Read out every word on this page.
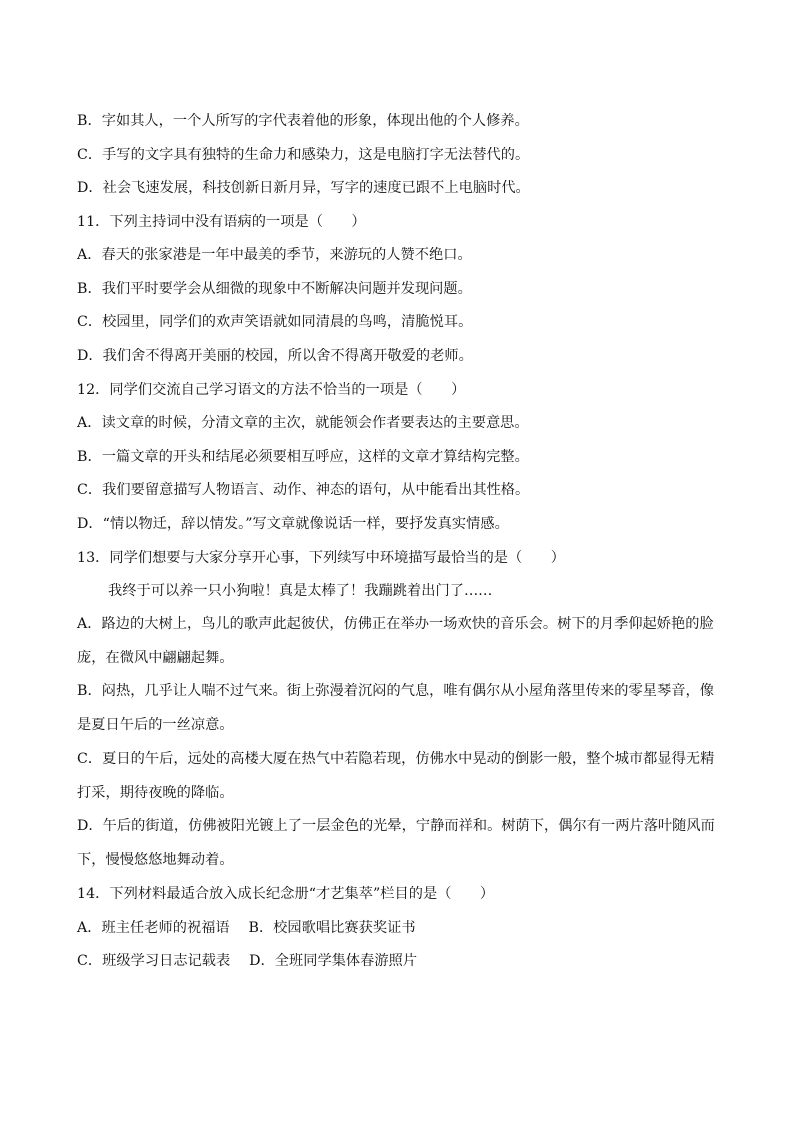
B．字如其人，一个人所写的字代表着他的形象，体现出他的个人修养。
C．手写的文字具有独特的生命力和感染力，这是电脑打字无法替代的。
D．社会飞速发展，科技创新日新月异，写字的速度已跟不上电脑时代。
11．下列主持词中没有语病的一项是（　　）
A．春天的张家港是一年中最美的季节，来游玩的人赞不绝口。
B．我们平时要学会从细微的现象中不断解决问题并发现问题。
C．校园里，同学们的欢声笑语就如同清晨的鸟鸣，清脆悦耳。
D．我们舍不得离开美丽的校园，所以舍不得离开敬爱的老师。
12．同学们交流自己学习语文的方法不恰当的一项是（　　）
A．读文章的时候，分清文章的主次，就能领会作者要表达的主要意思。
B．一篇文章的开头和结尾必须要相互呼应，这样的文章才算结构完整。
C．我们要留意描写人物语言、动作、神态的语句，从中能看出其性格。
D．“情以物迁，辞以情发。”写文章就像说话一样，要抒发真实情感。
13．同学们想要与大家分享开心事，下列续写中环境描写最恰当的是（　　）
我终于可以养一只小狗啦！真是太棒了！我蹦跳着出门了……
A．路边的大树上，鸟儿的歌声此起彼伏，仿佛正在举办一场欢快的音乐会。树下的月季仰起娇艳的脸庞，在微风中翩翩起舞。
B．闷热，几乎让人喘不过气来。街上弥漫着沉闷的气息，唯有偶尔从小屋角落里传来的零星琴音，像是夏日午后的一丝凉意。
C．夏日的午后，远处的高楼大厦在热气中若隐若现，仿佛水中晃动的倒影一般，整个城市都显得无精打采，期待夜晚的降临。
D．午后的街道，仿佛被阳光镀上了一层金色的光晕，宁静而祥和。树荫下，偶尔有一两片落叶随风而下，慢慢悠悠地舞动着。
14．下列材料最适合放入成长纪念册“才艺集萃”栏目的是（　　）
A．班主任老师的祝福语　 B．校园歌唱比赛获奖证书
C．班级学习日志记载表　 D．全班同学集体春游照片
